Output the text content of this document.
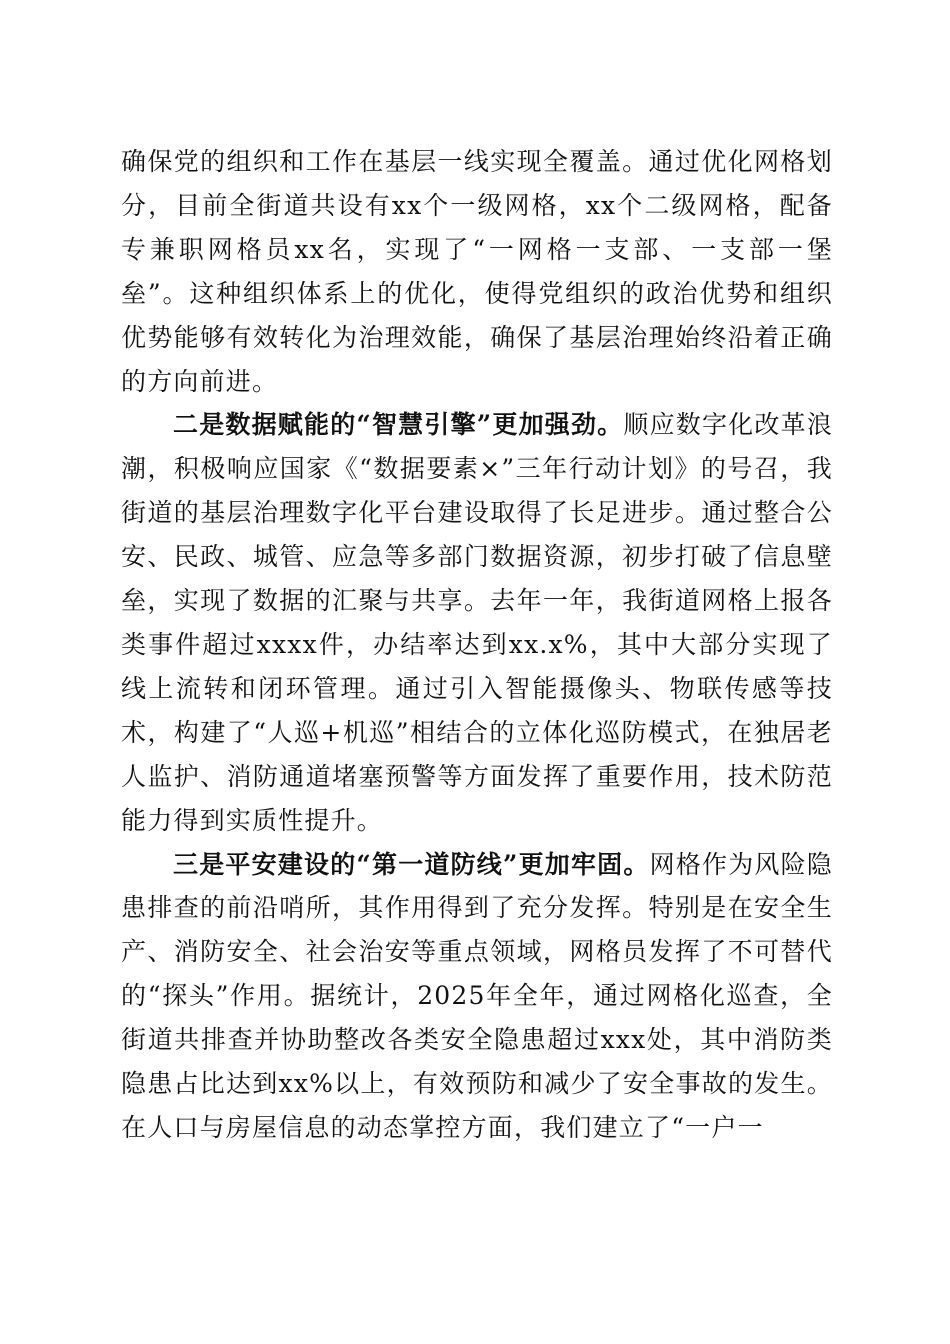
确保党的组织和工作在基层一线实现全覆盖。通过优化网格划分，目前全街道共设有xx个一级网格，xx个二级网格，配备专兼职网格员xx名，实现了“一网格一支部、一支部一堡垒”。这种组织体系上的优化，使得党组织的政治优势和组织优势能够有效转化为治理效能，确保了基层治理始终沿着正确的方向前进。

二是数据赋能的“智慧引擎”更加强劲。顺应数字化改革浪潮，积极响应国家《“数据要素×”三年行动计划》的号召，我街道的基层治理数字化平台建设取得了长足进步。通过整合公安、民政、城管、应急等多部门数据资源，初步打破了信息壁垒，实现了数据的汇聚与共享。去年一年，我街道网格上报各类事件超过xxxx件，办结率达到xx.x%，其中大部分实现了线上流转和闭环管理。通过引入智能摄像头、物联传感等技术，构建了“人巡+机巡”相结合的立体化巡防模式，在独居老人监护、消防通道堵塞预警等方面发挥了重要作用，技术防范能力得到实质性提升。

三是平安建设的“第一道防线”更加牢固。网格作为风险隐患排查的前沿哨所，其作用得到了充分发挥。特别是在安全生产、消防安全、社会治安等重点领域，网格员发挥了不可替代的“探头”作用。据统计，2025年全年，通过网格化巡查，全街道共排查并协助整改各类安全隐患超过xxx处，其中消防类隐患占比达到xx%以上，有效预防和减少了安全事故的发生。在人口与房屋信息的动态掌控方面，我们建立了“一户一
